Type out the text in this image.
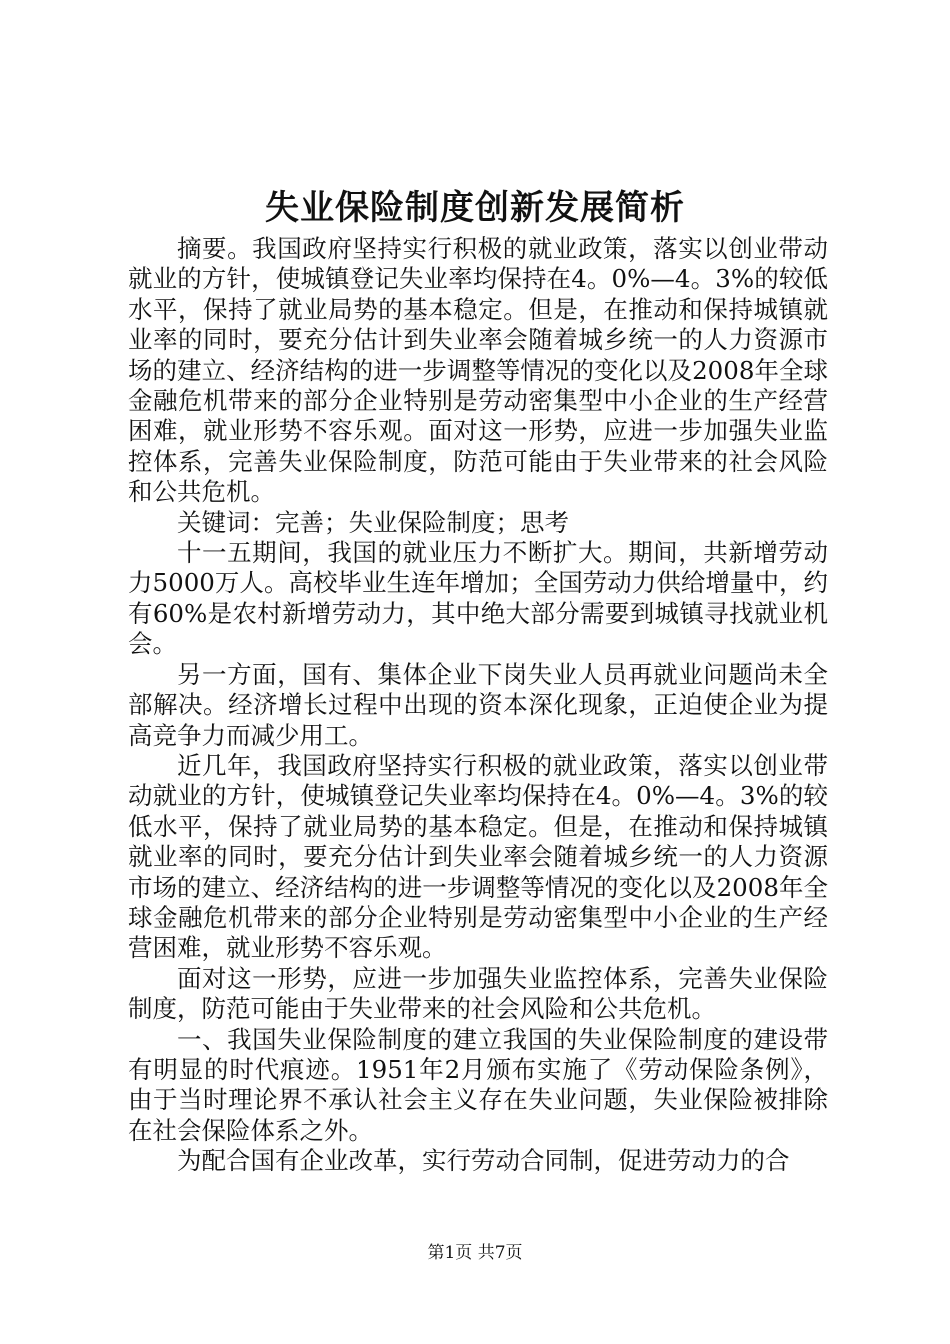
失业保险制度创新发展简析

摘要。我国政府坚持实行积极的就业政策，落实以创业带动就业的方针，使城镇登记失业率均保持在4。0%—4。3%的较低水平，保持了就业局势的基本稳定。但是，在推动和保持城镇就业率的同时，要充分估计到失业率会随着城乡统一的人力资源市场的建立、经济结构的进一步调整等情况的变化以及2008年全球金融危机带来的部分企业特别是劳动密集型中小企业的生产经营困难，就业形势不容乐观。面对这一形势，应进一步加强失业监控体系，完善失业保险制度，防范可能由于失业带来的社会风险和公共危机。

关键词：完善；失业保险制度；思考

十一五期间，我国的就业压力不断扩大。期间，共新增劳动力5000万人。高校毕业生连年增加；全国劳动力供给增量中，约有60%是农村新增劳动力，其中绝大部分需要到城镇寻找就业机会。

另一方面，国有、集体企业下岗失业人员再就业问题尚未全部解决。经济增长过程中出现的资本深化现象，正迫使企业为提高竞争力而减少用工。

近几年，我国政府坚持实行积极的就业政策，落实以创业带动就业的方针，使城镇登记失业率均保持在4。0%—4。3%的较低水平，保持了就业局势的基本稳定。但是，在推动和保持城镇就业率的同时，要充分估计到失业率会随着城乡统一的人力资源市场的建立、经济结构的进一步调整等情况的变化以及2008年全球金融危机带来的部分企业特别是劳动密集型中小企业的生产经营困难，就业形势不容乐观。

面对这一形势，应进一步加强失业监控体系，完善失业保险制度，防范可能由于失业带来的社会风险和公共危机。

一、我国失业保险制度的建立我国的失业保险制度的建设带有明显的时代痕迹。1951年2月颁布实施了《劳动保险条例》，由于当时理论界不承认社会主义存在失业问题，失业保险被排除在社会保险体系之外。

为配合国有企业改革，实行劳动合同制，促进劳动力的合

第1页 共7页
